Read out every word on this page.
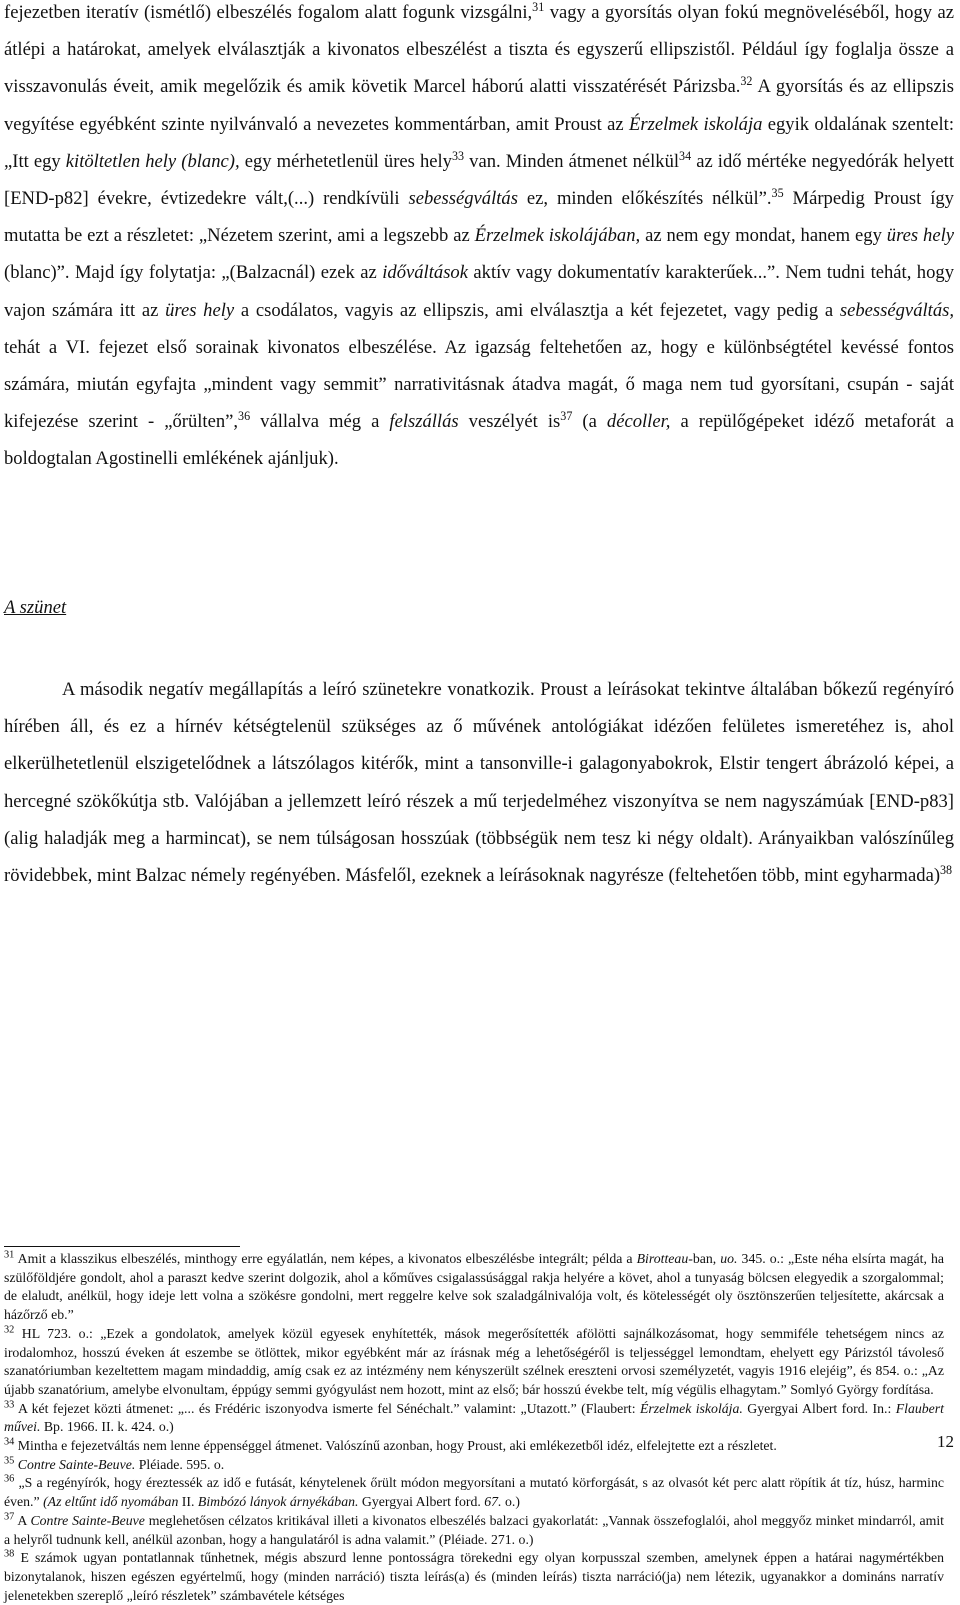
fejezetben iteratív (ismétlő) elbeszélés fogalom alatt fogunk vizsgálni,$^{31}$ vagy a gyorsítás olyan fokú megnöveléséből, hogy az átlépi a határokat, amelyek elválasztják a kivonatos elbeszélést a tiszta és egyszerű ellipszistől. Például így foglalja össze a visszavonulás éveit, amik megelőzik és amik követik Marcel háború alatti visszatérését Párizsba.$^{32}$ A gyorsítás és az ellipszis vegyítése egyébként szinte nyilvánvaló a nevezetes kommentárban, amit Proust az Érzelmek iskolája egyik oldalának szentelt: „Itt egy kitöltetlen hely (blanc), egy mérhetetlenül üres hely$^{33}$ van. Minden átmenet nélkül$^{34}$ az idő mértéke negyedórák helyett [END-p82] évekre, évtizedekre vált,(...) rendkívüli sebességváltás ez, minden előkészítés nélkül”.$^{35}$ Márpedig Proust így mutatta be ezt a részletet: „Nézetem szerint, ami a legszebb az Érzelmek iskolájában, az nem egy mondat, hanem egy üres hely (blanc)”. Majd így folytatja: „(Balzacnál) ezek az időváltások aktív vagy dokumentatív karakterűek...”. Nem tudni tehát, hogy vajon számára itt az üres hely a csodálatos, vagyis az ellipszis, ami elválasztja a két fejezetet, vagy pedig a sebességváltás, tehát a VI. fejezet első sorainak kivonatos elbeszélése. Az igazság feltehetően az, hogy e különbségtétel kevéssé fontos számára, miután egyfajta „mindent vagy semmit” narrativitásnak átadva magát, ő maga nem tud gyorsítani, csupán - saját kifejezése szerint - „őrülten”,$^{36}$ vállalva még a felszállás veszélyét $is^{37}$ (a décoller, a repülőgépeket idéző metaforát a boldogtalan Agostinelli emlékének ajánljuk).
A szünet
A második negatív megállapítás a leíró szünetekre vonatkozik. Proust a leírásokat tekintve általában bőkezű regényíró hírében áll, és ez a hírnév kétségtelenül szükséges az ő művének antológiákat idézően felületes ismeretéhez is, ahol elkerülhetetlenül elszigetelődnek a látszólagos kitérők, mint a tansonville-i galagonyabokrok, Elstir tengert ábrázoló képei, a hercegné szökőkútja stb. Valójában a jellemzett leíró részek a mű terjedelméhez viszonyítva se nem nagyszámúak [END-p83] (alig haladják meg a harmincat), se nem túlságosan hosszúak (többségük nem tesz ki négy oldalt). Arányaikban valószínűleg rövidebbek, mint Balzac némely regényében. Másfelől, ezeknek a leírásoknak nagyrésze (feltehetően több, mint egyharmada)$^{38}$

$^{31}$ Amit a klasszikus elbeszélés, minthogy erre egyálatlán, nem képes, a kivonatos elbeszélésbe integrált; példa a Birotteau-ban, uo. 345. o.: „Este néha elsírta magát, ha szülőföldjére gondolt, ahol a paraszt kedve szerint dolgozik, ahol a kőműves csigalassúsággal rakja helyére a követ, ahol a tunyaság bölcsen elegyedik a szorgalommal; de elaludt, anélkül, hogy ideje lett volna a szökésre gondolni, mert reggelre kelve sok szaladgálnivalója volt, és kötelességét oly ösztönszerűen teljesítette, akárcsak a házőrző eb.”

$^{32}$ HL 723. o.: „Ezek a gondolatok, amelyek közül egyesek enyhítették, mások megerősítették afölötti sajnálkozásomat, hogy semmiféle tehetségem nincs az irodalomhoz, hosszú éveken át eszembe se ötlöttek, mikor egyébként már az írásnak még a lehetőségéről is teljességgel lemondtam, ehelyett egy Párizstól távoleső szanatóriumban kezeltettem magam mindaddig, amíg csak ez az intézmény nem kényszerült szélnek ereszteni orvosi személyzetét, vagyis 1916 elejéig”, és 854. o.: „Az újabb szanatórium, amelybe elvonultam, éppúgy semmi gyógyulást nem hozott, mint az első; bár hosszú évekbe telt, míg végülis elhagytam.” Somlyó György fordítása.

$^{33}$ A két fejezet közti átmenet: „... és Frédéric iszonyodva ismerte fel Sénéchalt.” valamint: „Utazott.” (Flaubert: Érzelmek iskolája. Gyergyai Albert ford. In.: Flaubert művei. Bp. 1966. II. k. 424. o.)

$^{34}$ Mintha e fejezetváltás nem lenne éppenséggel átmenet. Valószínű azonban, hogy Proust, aki emlékezetből idéz, elfelejtette ezt a részletet.

$^{35}$ Contre Sainte-Beuve. Pléiade. 595. o.

$^{36}$ „S a regényírók, hogy éreztessék az idő e futását, kénytelenek őrült módon megyorsítani a mutató körforgását, s az olvasót két perc alatt röpítik át tíz, húsz, harminc éven.” (Az eltűnt idő nyomában II. Bimbózó lányok árnyékában. Gyergyai Albert ford. 67. o.)

$^{37}$ A Contre Sainte-Beuve meglehetősen célzatos kritikával illeti a kivonatos elbeszélés balzaci gyakorlatát: „Vannak összefoglalói, ahol meggyőz minket mindarról, amit a helyről tudnunk kell, anélkül azonban, hogy a hangulatáról is adna valamit.” (Pléiade. 271. o.)

$^{38}$ E számok ugyan pontatlannak tűnhetnek, mégis abszurd lenne pontosságra törekedni egy olyan korpusszal szemben, amelynek éppen a határai nagymértékben bizonytalanok, hiszen egészen egyértelmű, hogy (minden narráció) tiszta leírás(a) és (minden leírás) tiszta narráció(ja) nem létezik, ugyanakkor a domináns narratív jelenetekben szereplő „leíró részletek” számbavétele kétséges

12
